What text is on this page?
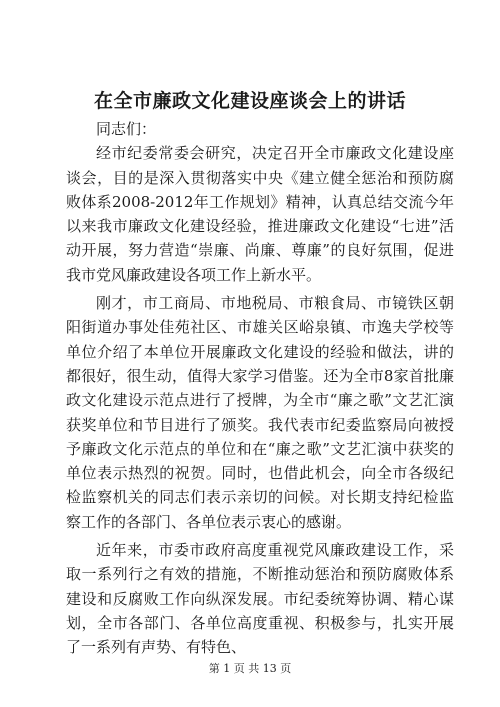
在全市廉政文化建设座谈会上的讲话

同志们：

经市纪委常委会研究，决定召开全市廉政文化建设座谈会，目的是深入贯彻落实中央《建立健全惩治和预防腐败体系2008-2012年工作规划》精神，认真总结交流今年以来我市廉政文化建设经验，推进廉政文化建设“七进”活动开展，努力营造“崇廉、尚廉、尊廉”的良好氛围，促进我市党风廉政建设各项工作上新水平。

刚才，市工商局、市地税局、市粮食局、市镜铁区朝阳街道办事处佳苑社区、市雄关区峪泉镇、市逸夫学校等单位介绍了本单位开展廉政文化建设的经验和做法，讲的都很好，很生动，值得大家学习借鉴。还为全市8家首批廉政文化建设示范点进行了授牌，为全市“廉之歌”文艺汇演获奖单位和节目进行了颁奖。我代表市纪委监察局向被授予廉政文化示范点的单位和在“廉之歌”文艺汇演中获奖的单位表示热烈的祝贺。同时，也借此机会，向全市各级纪检监察机关的同志们表示亲切的问候。对长期支持纪检监察工作的各部门、各单位表示衷心的感谢。

近年来，市委市政府高度重视党风廉政建设工作，采取一系列行之有效的措施，不断推动惩治和预防腐败体系建设和反腐败工作向纵深发展。市纪委统筹协调、精心谋划，全市各部门、各单位高度重视、积极参与，扎实开展了一系列有声势、有特色、

第 1 页 共 13 页
